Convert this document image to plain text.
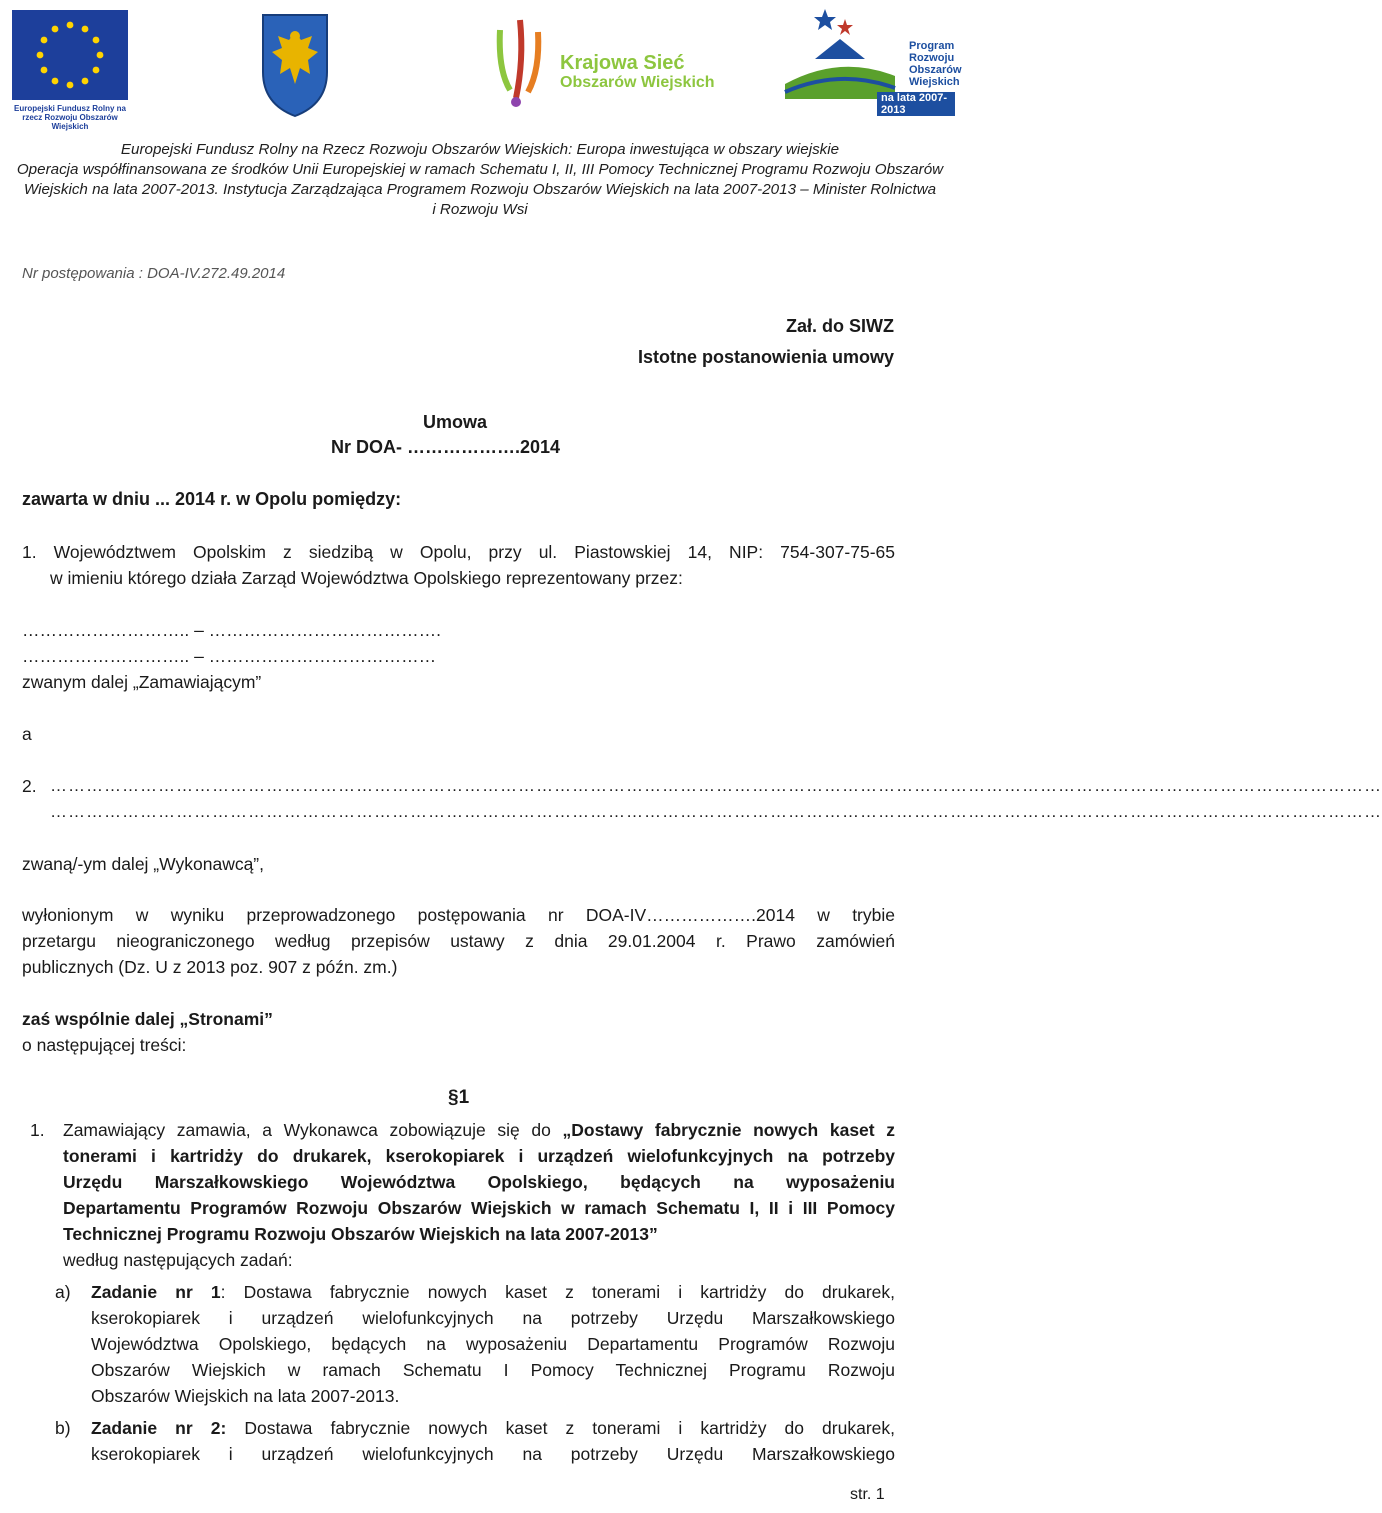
Europejski Fundusz Rolny na rzecz Rozwoju Obszarów Wiejskich
Krajowa Sieć
Obszarów Wiejskich
Program
Rozwoju
Obszarów
Wiejskich
na lata 2007-2013
Europejski Fundusz Rolny na Rzecz Rozwoju Obszarów Wiejskich: Europa inwestująca w obszary wiejskie
Operacja współfinansowana ze środków Unii Europejskiej w ramach Schematu I, II, III Pomocy Technicznej Programu Rozwoju Obszarów
Wiejskich na lata 2007-2013. Instytucja Zarządzająca Programem Rozwoju Obszarów Wiejskich na lata 2007-2013 – Minister Rolnictwa
i Rozwoju Wsi
Nr postępowania : DOA-IV.272.49.2014
Zał. do SIWZ
Istotne postanowienia umowy
Umowa
Nr DOA- ……………….2014
zawarta w dniu ... 2014 r. w Opolu pomiędzy:
1. Województwem Opolskim z siedzibą w Opolu, przy ul. Piastowskiej 14, NIP: 754-307-75-65
w imieniu którego działa Zarząd Województwa Opolskiego reprezentowany przez:
……………………….. – ………………………………….
……………………….. – …………………………………
zwanym dalej „Zamawiającym”
a
2. ……………………………………………………………………………………………………………………………………………………………………………………………………
……………………………………………………………………………………………………………………………………………………………………………………………………
zwaną/-ym dalej „Wykonawcą”,
wyłonionym w wyniku przeprowadzonego postępowania nr DOA-IV……………….2014 w trybie
przetargu nieograniczonego według przepisów ustawy z dnia 29.01.2004 r. Prawo zamówień
publicznych (Dz. U z 2013 poz. 907 z późn. zm.)
zaś wspólnie dalej „Stronami”
o następującej treści:
§1
1. Zamawiający zamawia, a Wykonawca zobowiązuje się do „Dostawy fabrycznie nowych kaset z
tonerami i kartridży do drukarek, kserokopiarek i urządzeń wielofunkcyjnych na potrzeby
Urzędu Marszałkowskiego Województwa Opolskiego, będących na wyposażeniu
Departamentu Programów Rozwoju Obszarów Wiejskich w ramach Schematu I, II i III Pomocy
Technicznej Programu Rozwoju Obszarów Wiejskich na lata 2007-2013”
według następujących zadań:
a) Zadanie nr 1: Dostawa fabrycznie nowych kaset z tonerami i kartridży do drukarek,
kserokopiarek i urządzeń wielofunkcyjnych na potrzeby Urzędu Marszałkowskiego
Województwa Opolskiego, będących na wyposażeniu Departamentu Programów Rozwoju
Obszarów Wiejskich w ramach Schematu I Pomocy Technicznej Programu Rozwoju
Obszarów Wiejskich na lata 2007-2013.
b) Zadanie nr 2: Dostawa fabrycznie nowych kaset z tonerami i kartridży do drukarek,
kserokopiarek i urządzeń wielofunkcyjnych na potrzeby Urzędu Marszałkowskiego
str. 1
